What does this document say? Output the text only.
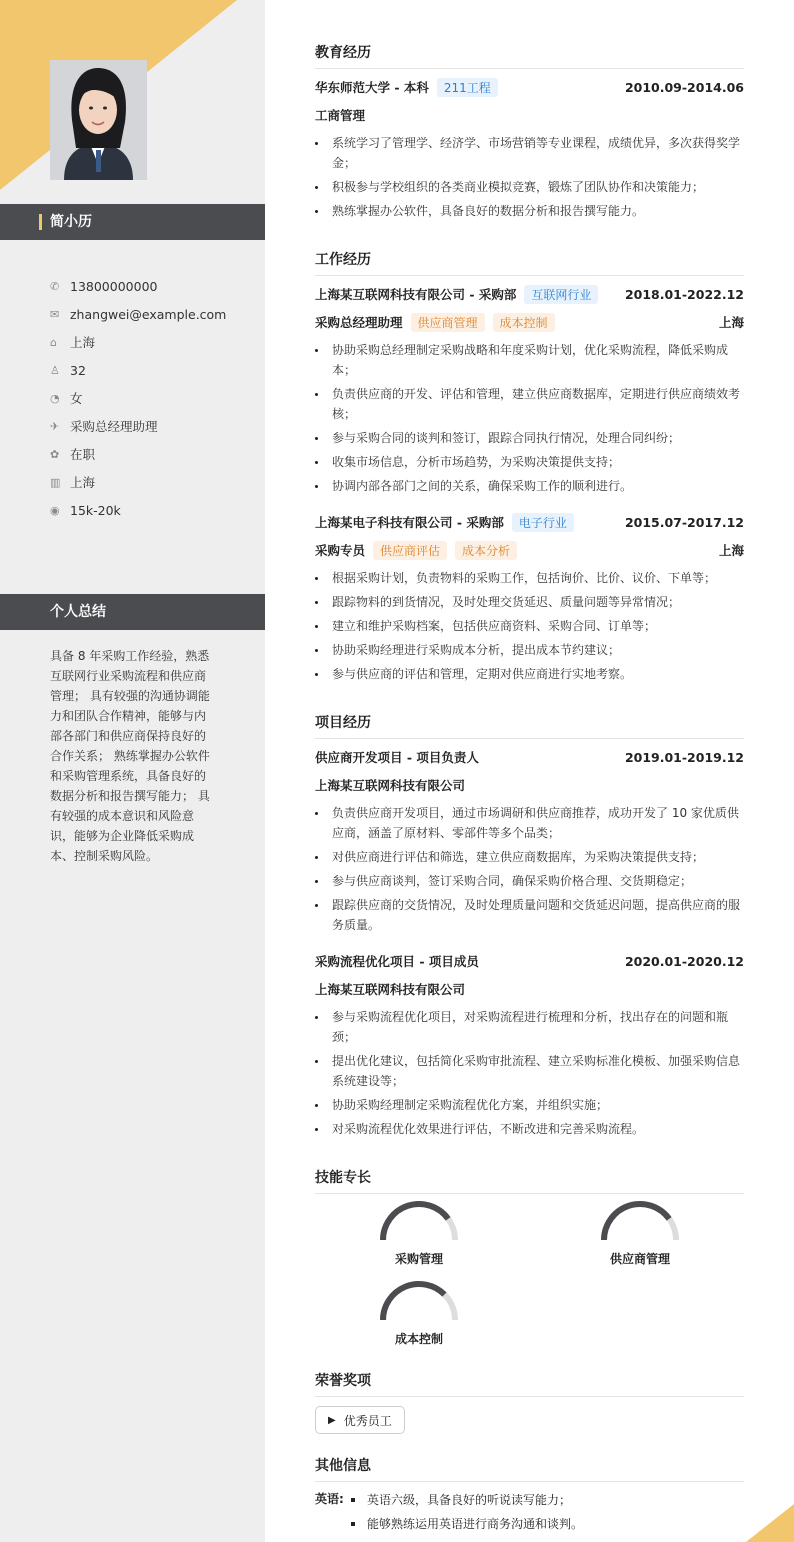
简小历
✆ 13800000000
✉ zhangwei@example.com
⌂	上海
♙ 32
◔ 女
✈ 采购总经理助理
✿ 在职
▥ 上海
◉ 15k-20k
个人总结
具备 8 年采购工作经验，熟悉互联网行业采购流程和供应商管理； 具有较强的沟通协调能力和团队合作精神，能够与内部各部门和供应商保持良好的合作关系； 熟练掌握办公软件和采购管理系统，具备良好的数据分析和报告撰写能力； 具有较强的成本意识和风险意识，能够为企业降低采购成本、控制采购风险。
教育经历
华东师范大学 - 本科	211工程	2010.09-2014.06
工商管理
系统学习了管理学、经济学、市场营销等专业课程，成绩优异，多次获得奖学金；
积极参与学校组织的各类商业模拟竞赛，锻炼了团队协作和决策能力；
熟练掌握办公软件，具备良好的数据分析和报告撰写能力。
工作经历
上海某互联网科技有限公司 - 采购部	互联网行业	2018.01-2022.12
采购总经理助理	供应商管理	成本控制	上海
协助采购总经理制定采购战略和年度采购计划，优化采购流程，降低采购成本；
负责供应商的开发、评估和管理，建立供应商数据库，定期进行供应商绩效考核；
参与采购合同的谈判和签订，跟踪合同执行情况，处理合同纠纷；
收集市场信息，分析市场趋势，为采购决策提供支持；
协调内部各部门之间的关系，确保采购工作的顺利进行。
上海某电子科技有限公司 - 采购部	电子行业	2015.07-2017.12
采购专员	供应商评估	成本分析	上海
根据采购计划，负责物料的采购工作，包括询价、比价、议价、下单等；
跟踪物料的到货情况，及时处理交货延迟、质量问题等异常情况；
建立和维护采购档案，包括供应商资料、采购合同、订单等；
协助采购经理进行采购成本分析，提出成本节约建议；
参与供应商的评估和管理，定期对供应商进行实地考察。
项目经历
供应商开发项目 - 项目负责人	2019.01-2019.12
上海某互联网科技有限公司
负责供应商开发项目，通过市场调研和供应商推荐，成功开发了 10 家优质供应商，涵盖了原材料、零部件等多个品类；
对供应商进行评估和筛选，建立供应商数据库，为采购决策提供支持；
参与供应商谈判，签订采购合同，确保采购价格合理、交货期稳定；
跟踪供应商的交货情况，及时处理质量问题和交货延迟问题，提高供应商的服务质量。
采购流程优化项目 - 项目成员	2020.01-2020.12
上海某互联网科技有限公司
参与采购流程优化项目，对采购流程进行梳理和分析，找出存在的问题和瓶颈；
提出优化建议，包括简化采购审批流程、建立采购标准化模板、加强采购信息系统建设等；
协助采购经理制定采购流程优化方案，并组织实施；
对采购流程优化效果进行评估，不断改进和完善采购流程。
技能专长
采购管理	供应商管理
成本控制
荣誉奖项
▶ 优秀员工
其他信息
英语:	英语六级，具备良好的听说读写能力；
能够熟练运用英语进行商务沟通和谈判。
